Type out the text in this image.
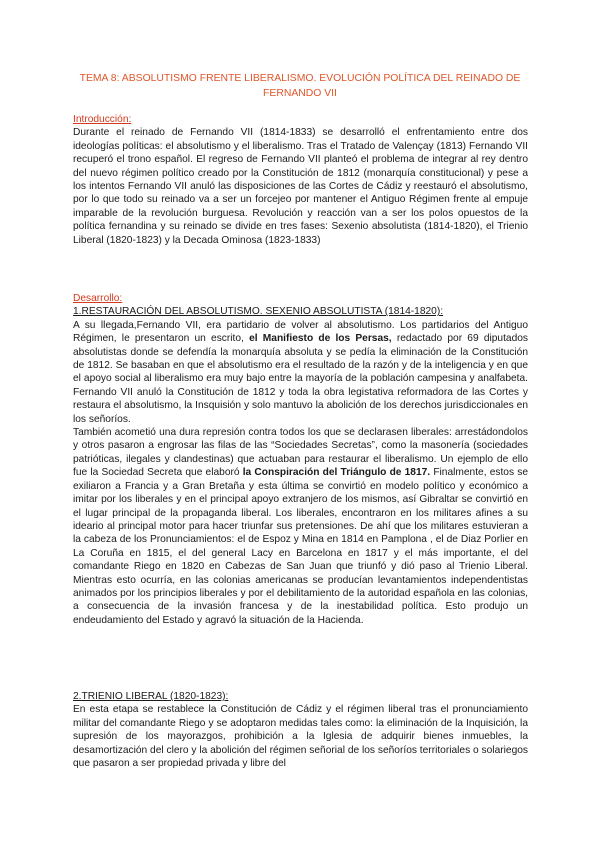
TEMA 8: ABSOLUTISMO FRENTE LIBERALISMO. EVOLUCIÓN POLÍTICA DEL REINADO DE FERNANDO VII

Introducción:

Durante el reinado de Fernando VII (1814-1833) se desarrolló el enfrentamiento entre dos ideologías políticas: el absolutismo y el liberalismo. Tras el Tratado de Valençay (1813) Fernando VII recuperó el trono español. El regreso de Fernando VII planteó el problema de integrar al rey dentro del nuevo régimen político creado por la Constitución de 1812 (monarquía constitucional) y pese a los intentos Fernando VII anuló las disposiciones de las Cortes de Cádiz y reestauró el absolutismo, por lo que todo su reinado va a ser un forcejeo por mantener el Antiguo Régimen frente al empuje imparable de la revolución burguesa. Revolución y reacción van a ser los polos opuestos de la política fernandina y su reinado se divide en tres fases: Sexenio absolutista (1814-1820), el Trienio Liberal (1820-1823) y la Decada Ominosa (1823-1833)

Desarrollo:

1.RESTAURACIÓN DEL ABSOLUTISMO. SEXENIO ABSOLUTISTA (1814-1820):

A su llegada,Fernando VII, era partidario de volver al absolutismo. Los partidarios del Antiguo Régimen, le presentaron un escrito, el Manifiesto de los Persas, redactado por 69 diputados absolutistas donde se defendía la monarquía absoluta y se pedía la eliminación de la Constitución de 1812. Se basaban en que el absolutismo era el resultado de la razón y de la inteligencia y en que el apoyo social al liberalismo era muy bajo entre la mayoría de la población campesina y analfabeta. Fernando VII anuló la Constitución de 1812 y toda la obra legistativa reformadora de las Cortes y restaura el absolutismo, la Insquisión y solo mantuvo la abolición de los derechos jurisdiccionales en los señoríos.

También acometió una dura represión contra todos los que se declarasen liberales: arrestádondolos y otros pasaron a engrosar las filas de las “Sociedades Secretas”, como la masonería (sociedades patrióticas, ilegales y clandestinas) que actuaban para restaurar el liberalismo. Un ejemplo de ello fue la Sociedad Secreta que elaboró la Conspiración del Triángulo de 1817. Finalmente, estos se exiliaron a Francia y a Gran Bretaña y esta última se convirtió en modelo político y económico a imitar por los liberales y en el principal apoyo extranjero de los mismos, así Gibraltar se convirtió en el lugar principal de la propaganda liberal. Los liberales, encontraron en los militares afines a su ideario al principal motor para hacer triunfar sus pretensiones. De ahí que los militares estuvieran a la cabeza de los Pronunciamientos: el de Espoz y Mina en 1814 en Pamplona , el de Diaz Porlier en La Coruña en 1815, el del general Lacy en Barcelona en 1817 y el más importante, el del comandante Riego en 1820 en Cabezas de San Juan que triunfó y dió paso al Trienio Liberal. Mientras esto ocurría, en las colonias americanas se producían levantamientos independentistas animados por los principios liberales y por el debilitamiento de la autoridad española en las colonias, a consecuencia de la invasión francesa y de la inestabilidad política. Esto produjo un endeudamiento del Estado y agravó la situación de la Hacienda.

2.TRIENIO LIBERAL (1820-1823):

En esta etapa se restablece la Constitución de Cádiz y el régimen liberal tras el pronunciamiento militar del comandante Riego y se adoptaron medidas tales como: la eliminación de la Inquisición, la supresión de los mayorazgos, prohibición a la Iglesia de adquirir bienes inmuebles, la desamortización del clero y la abolición del régimen señorial de los señoríos territoriales o solariegos que pasaron a ser propiedad privada y libre del
